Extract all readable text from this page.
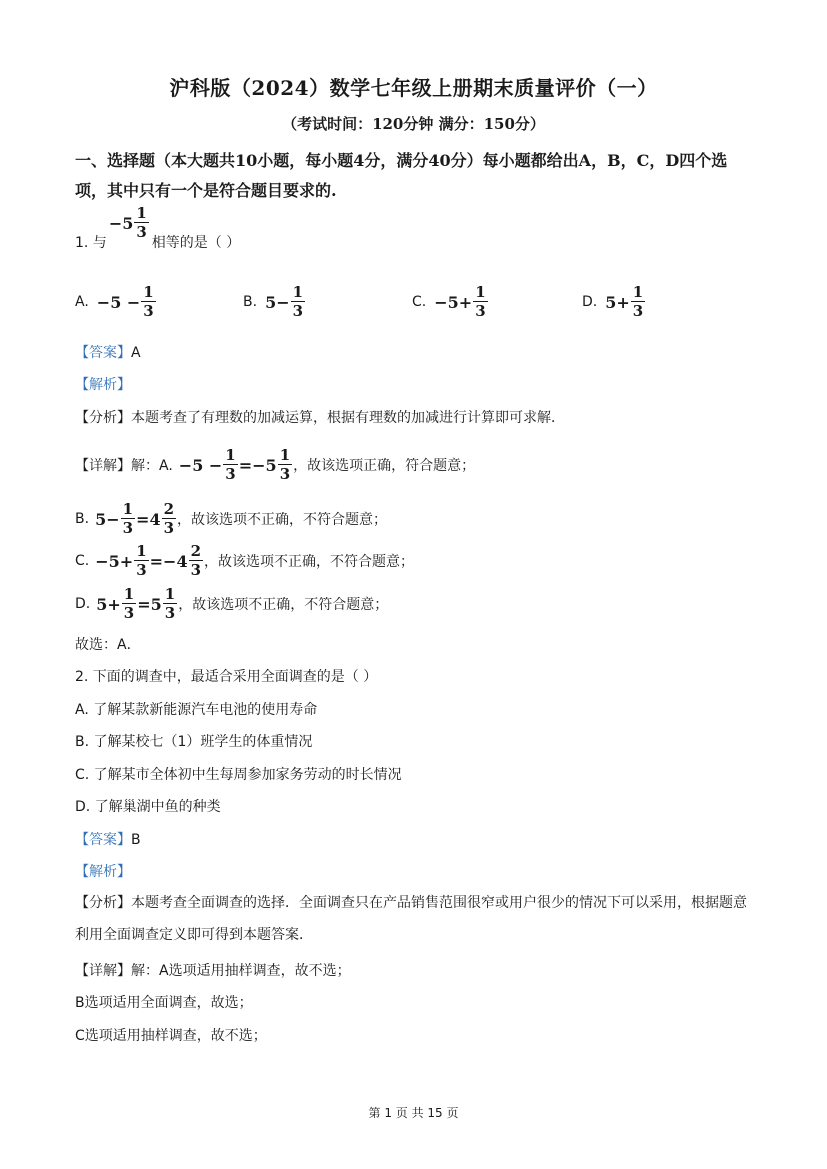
沪科版（2024）数学七年级上册期末质量评价（一）
（考试时间：120分钟 满分：150分）
一、选择题（本大题共10小题，每小题4分，满分40分）每小题都给出A，B，C，D四个选项，其中只有一个是符合题目要求的.
1. 与
$-5 \frac{1}{3}$
相等的是（ ）
A. $-5 - \frac{1}{3}$	B. $5- \frac{1}{3}$	C. $-5+ \frac{1}{3}$	D. $5+ \frac{1}{3}$
【答案】A
【解析】
【分析】本题考查了有理数的加减运算，根据有理数的加减进行计算即可求解．
【详解】 解：A. $-5 - \frac{1}{3} =-5 \frac{1}{3}$ ，故该选项正确，符合题意；
B. $5- \frac{1}{3} =4 \frac{2}{3}$ ，故该选项不正确，不符合题意；
C. $-5+ \frac{1}{3} =-4 \frac{2}{3}$ ，故该选项不正确，不符合题意；
D. $5+ \frac{1}{3} =5 \frac{1}{3}$ ，故该选项不正确，不符合题意；
故选：A．
2. 下面的调查中，最适合采用全面调查的是（ ）
A. 了解某款新能源汽车电池的使用寿命
B. 了解某校七（1）班学生的体重情况
C. 了解某市全体初中生每周参加家务劳动的时长情况
D. 了解巢湖中鱼的种类
【答案】B
【解析】
【分析】本题考查全面调查的选择．全面调查只在产品销售范围很窄或用户很少的情况下可以采用，根据题意利用全面调查定义即可得到本题答案．
【详解】解：A选项适用抽样调查，故不选；
B选项适用全面调查，故选；
C选项适用抽样调查，故不选；
第 1 页 共 15 页
